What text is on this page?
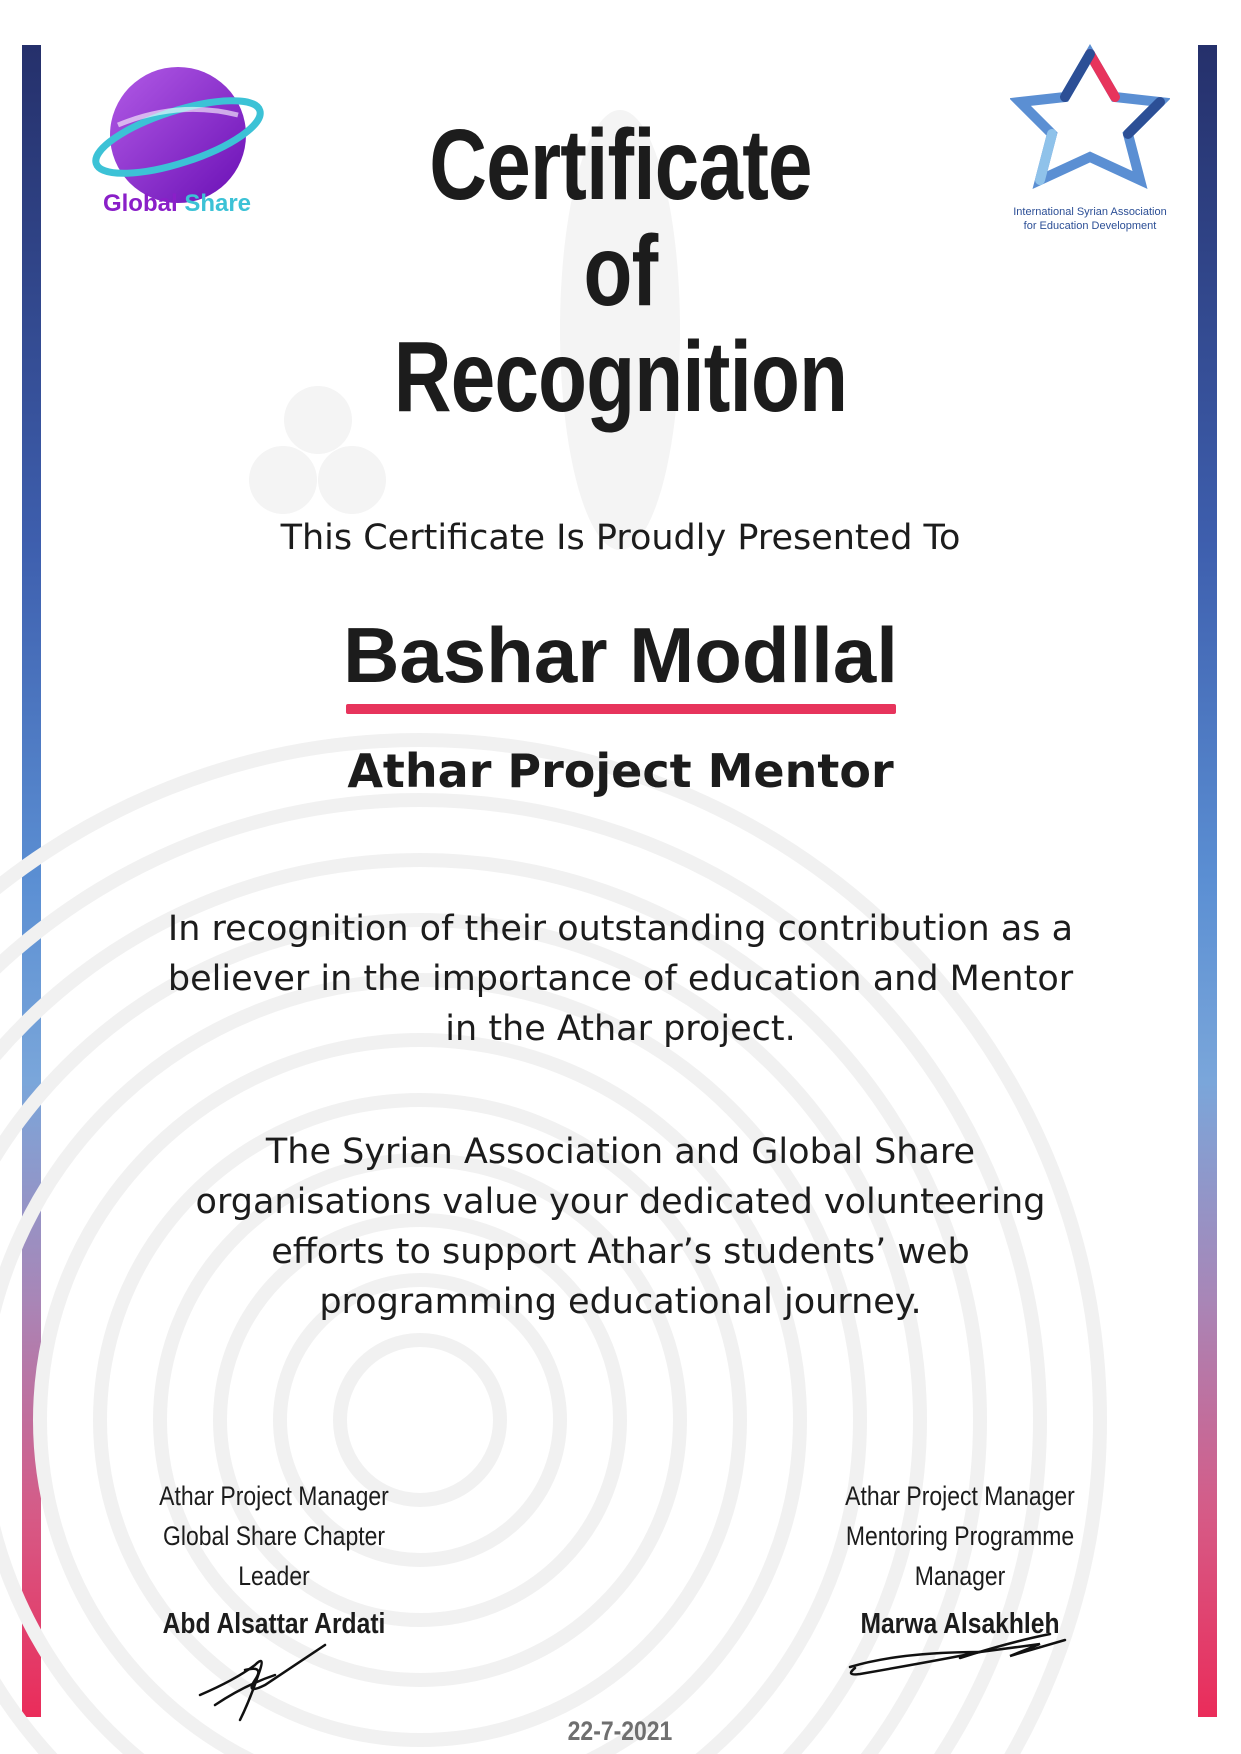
Global Share	International Syrian Association
for Education Development
Certificate
of
Recognition
This Certificate Is Proudly Presented To
Bashar Modllal
Athar Project Mentor
In recognition of their outstanding contribution as a
believer in the importance of education and Mentor
in the Athar project.
The Syrian Association and Global Share
organisations value your dedicated volunteering
efforts to support Athar’s students’ web
programming educational journey.
Athar Project Manager
Global Share Chapter Leader
Abd Alsattar Ardati
Athar Project Manager
Mentoring Programme Manager
Marwa Alsakhleh
22-7-2021
